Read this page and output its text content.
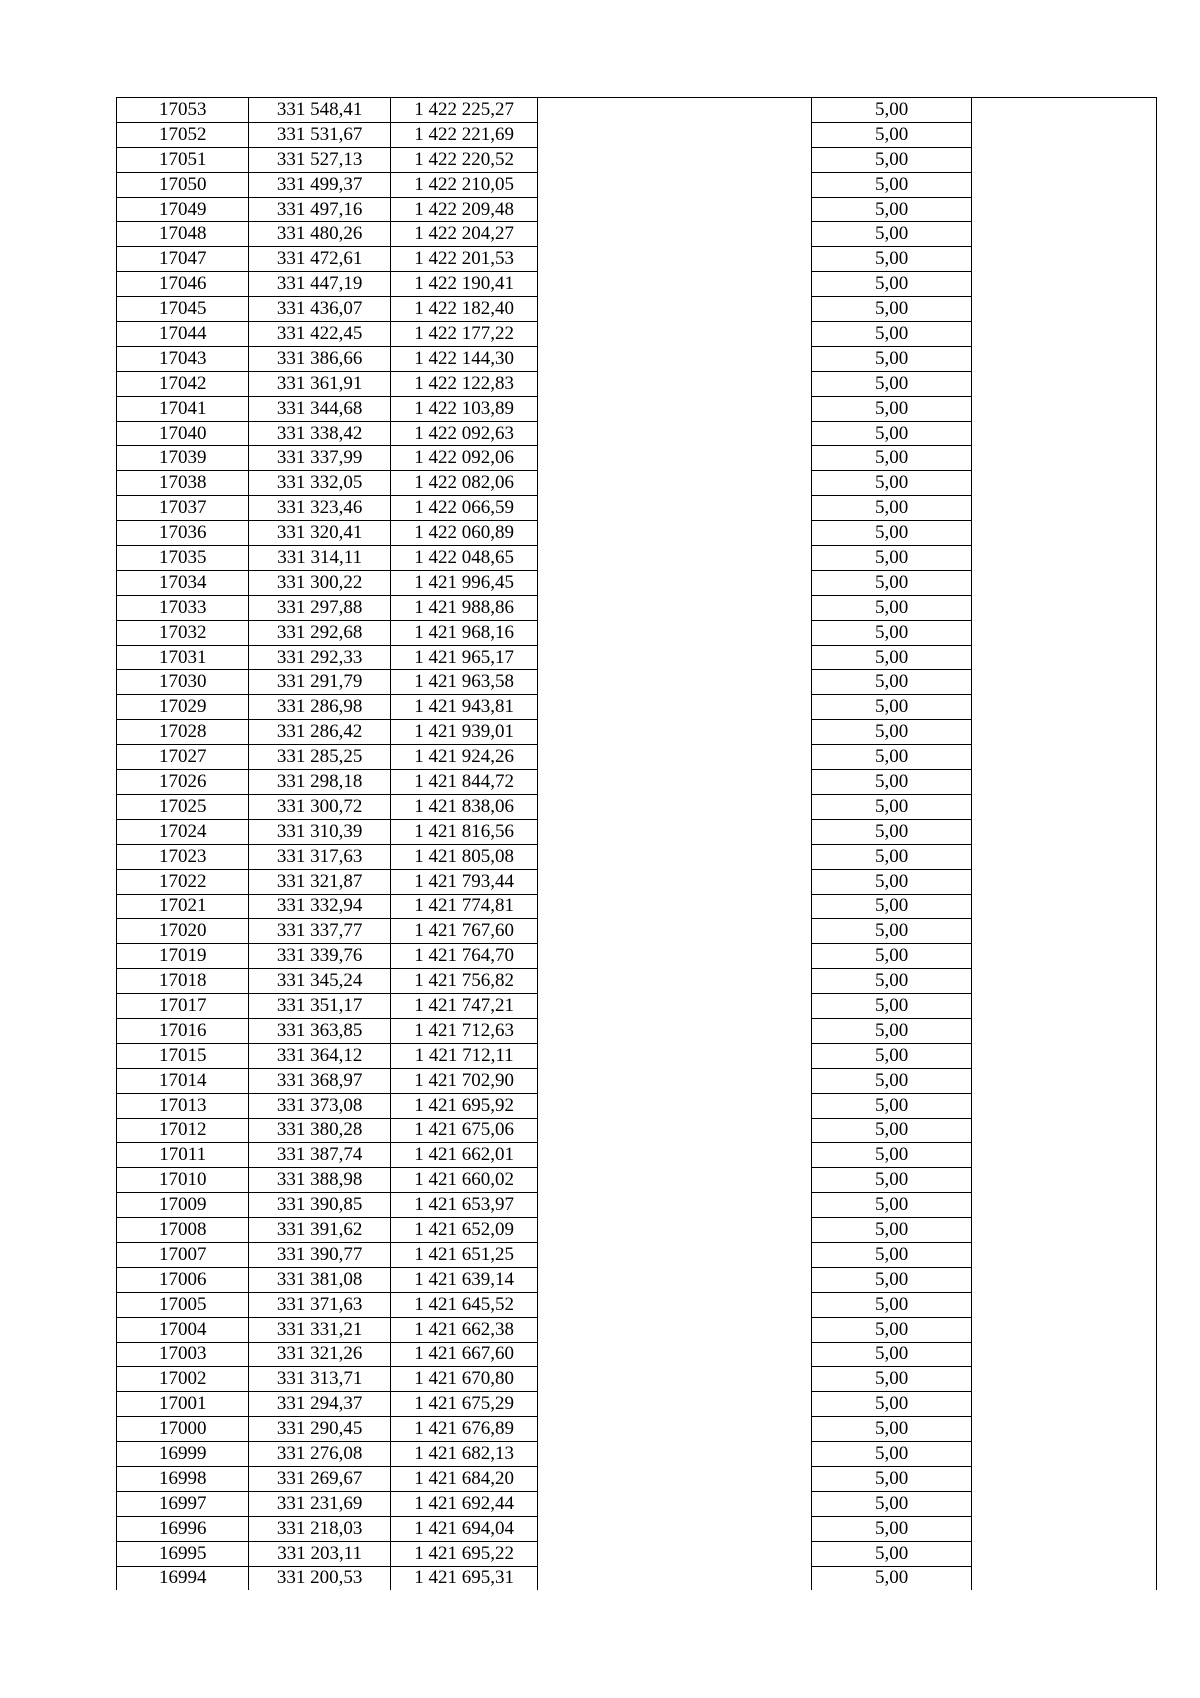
17053	331 548,41	1 422 225,27		5,00	
17052	331 531,67	1 422 221,69		5,00	
17051	331 527,13	1 422 220,52		5,00	
17050	331 499,37	1 422 210,05		5,00	
17049	331 497,16	1 422 209,48		5,00	
17048	331 480,26	1 422 204,27		5,00	
17047	331 472,61	1 422 201,53		5,00	
17046	331 447,19	1 422 190,41		5,00	
17045	331 436,07	1 422 182,40		5,00	
17044	331 422,45	1 422 177,22		5,00	
17043	331 386,66	1 422 144,30		5,00	
17042	331 361,91	1 422 122,83		5,00	
17041	331 344,68	1 422 103,89		5,00	
17040	331 338,42	1 422 092,63		5,00	
17039	331 337,99	1 422 092,06		5,00	
17038	331 332,05	1 422 082,06		5,00	
17037	331 323,46	1 422 066,59		5,00	
17036	331 320,41	1 422 060,89		5,00	
17035	331 314,11	1 422 048,65		5,00	
17034	331 300,22	1 421 996,45		5,00	
17033	331 297,88	1 421 988,86		5,00	
17032	331 292,68	1 421 968,16		5,00	
17031	331 292,33	1 421 965,17		5,00	
17030	331 291,79	1 421 963,58		5,00	
17029	331 286,98	1 421 943,81		5,00	
17028	331 286,42	1 421 939,01		5,00	
17027	331 285,25	1 421 924,26		5,00	
17026	331 298,18	1 421 844,72		5,00	
17025	331 300,72	1 421 838,06		5,00	
17024	331 310,39	1 421 816,56		5,00	
17023	331 317,63	1 421 805,08		5,00	
17022	331 321,87	1 421 793,44		5,00	
17021	331 332,94	1 421 774,81		5,00	
17020	331 337,77	1 421 767,60		5,00	
17019	331 339,76	1 421 764,70		5,00	
17018	331 345,24	1 421 756,82		5,00	
17017	331 351,17	1 421 747,21		5,00	
17016	331 363,85	1 421 712,63		5,00	
17015	331 364,12	1 421 712,11		5,00	
17014	331 368,97	1 421 702,90		5,00	
17013	331 373,08	1 421 695,92		5,00	
17012	331 380,28	1 421 675,06		5,00	
17011	331 387,74	1 421 662,01		5,00	
17010	331 388,98	1 421 660,02		5,00	
17009	331 390,85	1 421 653,97		5,00	
17008	331 391,62	1 421 652,09		5,00	
17007	331 390,77	1 421 651,25		5,00	
17006	331 381,08	1 421 639,14		5,00	
17005	331 371,63	1 421 645,52		5,00	
17004	331 331,21	1 421 662,38		5,00	
17003	331 321,26	1 421 667,60		5,00	
17002	331 313,71	1 421 670,80		5,00	
17001	331 294,37	1 421 675,29		5,00	
17000	331 290,45	1 421 676,89		5,00	
16999	331 276,08	1 421 682,13		5,00	
16998	331 269,67	1 421 684,20		5,00	
16997	331 231,69	1 421 692,44		5,00	
16996	331 218,03	1 421 694,04		5,00	
16995	331 203,11	1 421 695,22		5,00	
16994	331 200,53	1 421 695,31		5,00	
